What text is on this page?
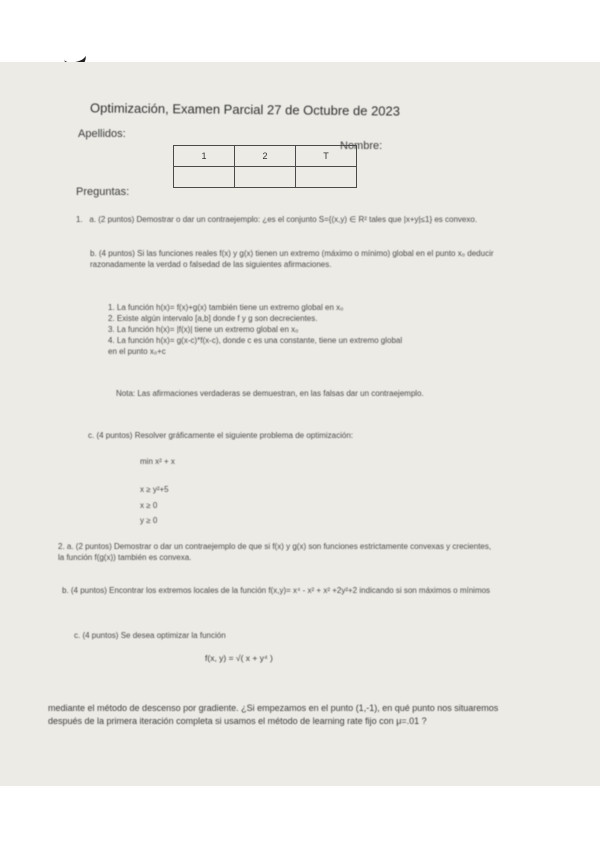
Optimización, Examen Parcial 27 de Octubre de 2023
Apellidos:
Nombre:
1	2	T

Preguntas:
1. a. (2 puntos) Demostrar o dar un contraejemplo: ¿es el conjunto S={(x,y) ∈ R² tales que |x+y|≤1} es convexo.
b. (4 puntos) Si las funciones reales f(x) y g(x) tienen un extremo (máximo o mínimo) global en el punto x₀ deducir razonadamente la verdad o falsedad de las siguientes afirmaciones.
1. La función h(x)= f(x)+g(x) también tiene un extremo global en x₀
2. Existe algún intervalo [a,b] donde f y g son decrecientes.
3. La función h(x)= |f(x)| tiene un extremo global en x₀
4. La función h(x)= g(x-c)*f(x-c), donde c es una constante, tiene un extremo global
en el punto x₀+c
Nota: Las afirmaciones verdaderas se demuestran, en las falsas dar un contraejemplo.
c. (4 puntos) Resolver gráficamente el siguiente problema de optimización:
min x² + x
x ≥ y²+5
x ≥ 0
y ≥ 0
2. a. (2 puntos) Demostrar o dar un contraejemplo de que si f(x) y g(x) son funciones estrictamente convexas y crecientes, la función f(g(x)) también es convexa.
b. (4 puntos) Encontrar los extremos locales de la función f(x,y)= x⁴ - x² + x² +2y²+2 indicando si son máximos o mínimos
c. (4 puntos) Se desea optimizar la función
f(x, y) = √( x + y⁴ )
mediante el método de descenso por gradiente. ¿Si empezamos en el punto (1,-1), en qué punto nos situaremos después de la primera iteración completa si usamos el método de learning rate fijo con μ=.01 ?
